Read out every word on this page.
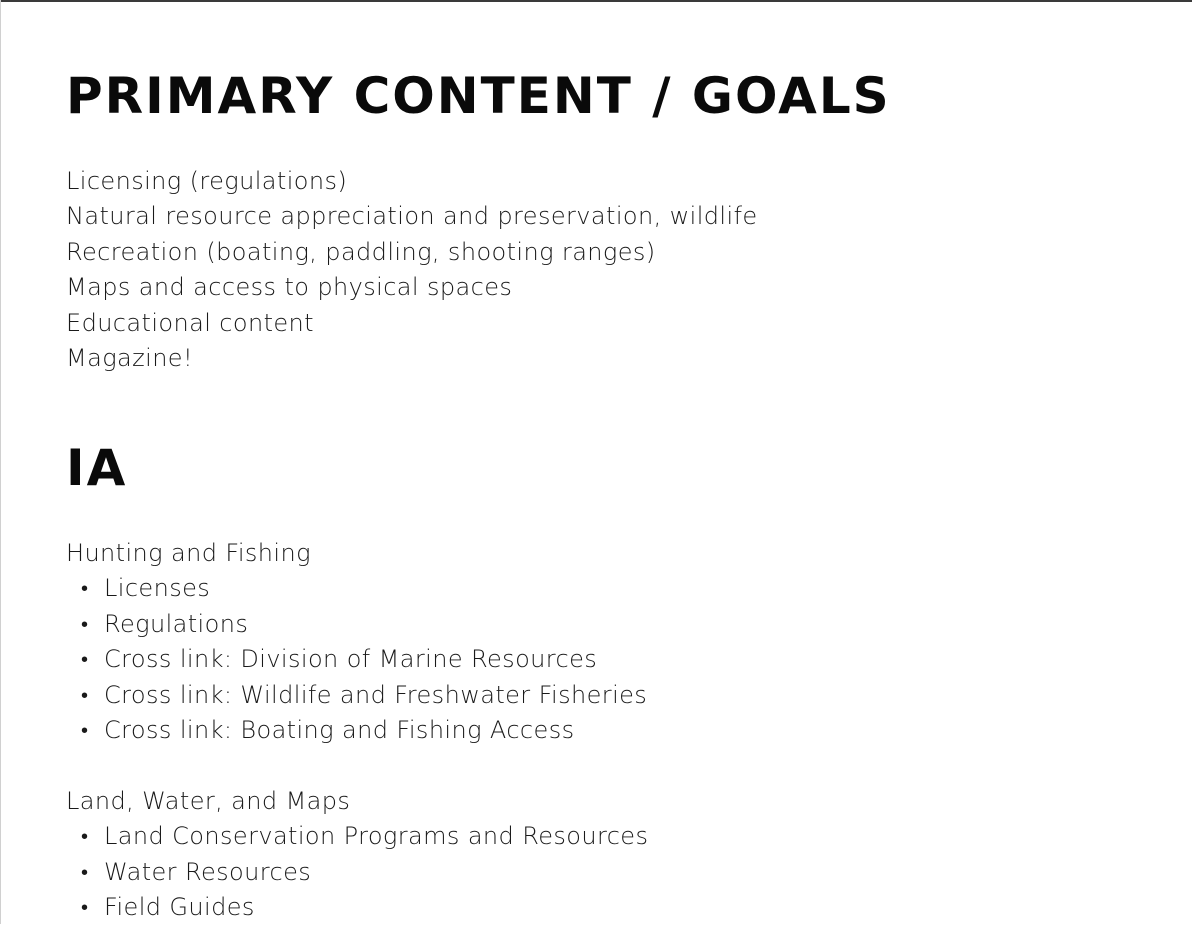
PRIMARY CONTENT / GOALS
Licensing (regulations)
Natural resource appreciation and preservation, wildlife
Recreation (boating, paddling, shooting ranges)
Maps and access to physical spaces
Educational content
Magazine!
IA
Hunting and Fishing
• Licenses
• Regulations
• Cross link: Division of Marine Resources
• Cross link: Wildlife and Freshwater Fisheries
• Cross link: Boating and Fishing Access
Land, Water, and Maps
• Land Conservation Programs and Resources
• Water Resources
• Field Guides
